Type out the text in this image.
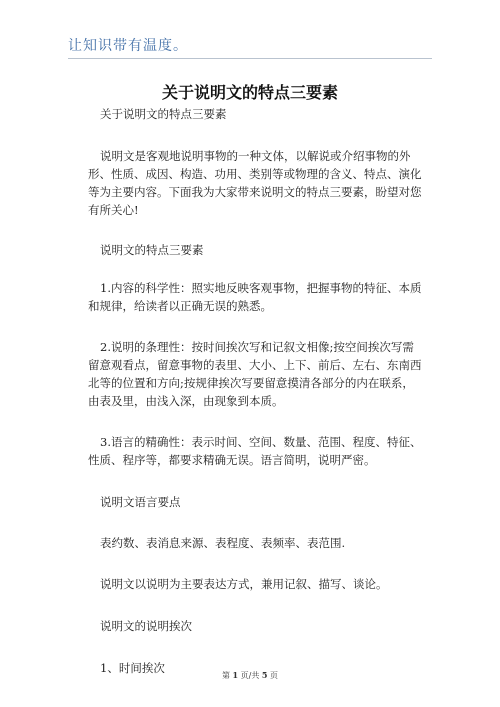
让知识带有温度。
关于说明文的特点三要素

关于说明文的特点三要素

说明文是客观地说明事物的一种文体，以解说或介绍事物的外形、性质、成因、构造、功用、类别等或物理的含义、特点、演化等为主要内容。下面我为大家带来说明文的特点三要素，盼望对您有所关心!

说明文的特点三要素

1.内容的科学性：照实地反映客观事物，把握事物的特征、本质和规律，给读者以正确无误的熟悉。

2.说明的条理性：按时间挨次写和记叙文相像;按空间挨次写需留意观看点，留意事物的表里、大小、上下、前后、左右、东南西北等的位置和方向;按规律挨次写要留意摸清各部分的内在联系，由表及里，由浅入深，由现象到本质。

3.语言的精确性：表示时间、空间、数量、范围、程度、特征、性质、程序等，都要求精确无误。语言简明，说明严密。

说明文语言要点

表约数、表消息来源、表程度、表频率、表范围.

说明文以说明为主要表达方式，兼用记叙、描写、谈论。

说明文的说明挨次

1、时间挨次

第 1 页/共 5 页
